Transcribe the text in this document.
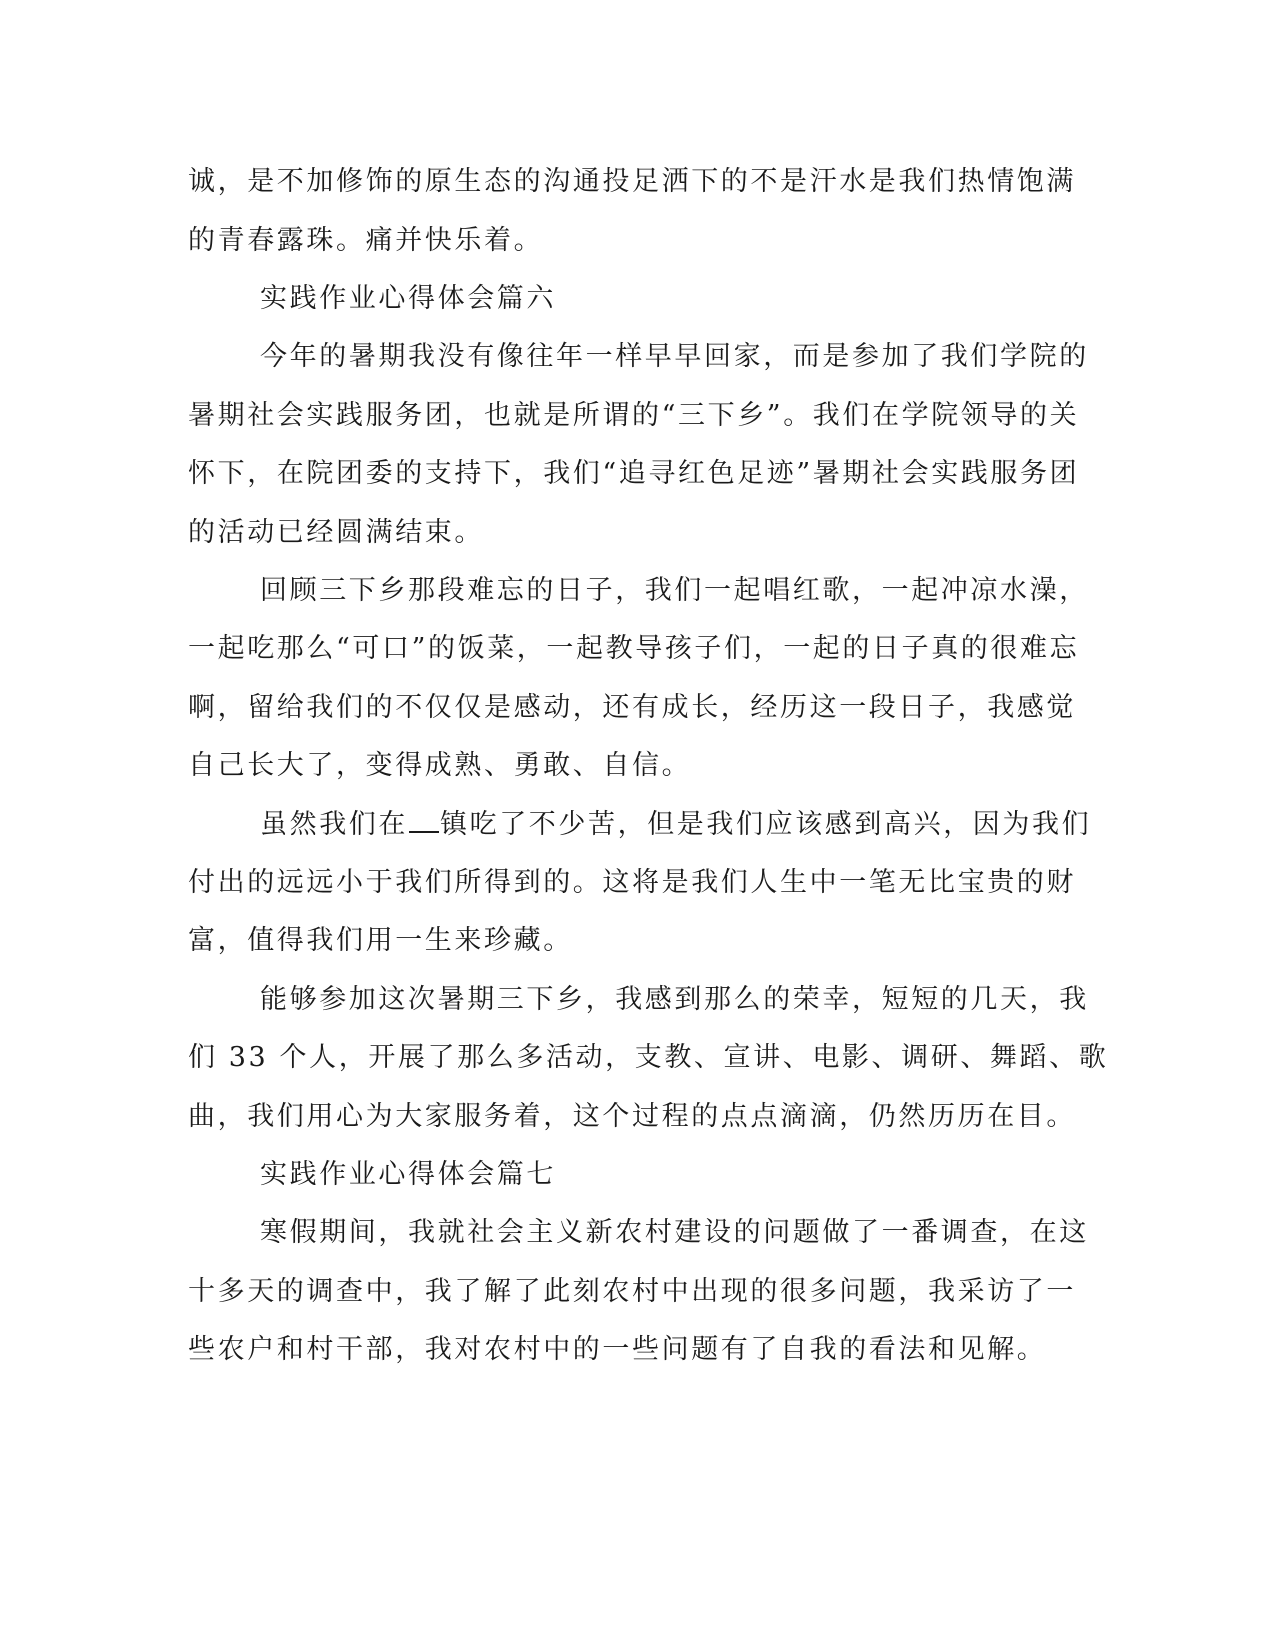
诚，是不加修饰的原生态的沟通投足洒下的不是汗水是我们热情饱满
的青春露珠。痛并快乐着。
实践作业心得体会篇六
今年的暑期我没有像往年一样早早回家，而是参加了我们学院的
暑期社会实践服务团，也就是所谓的“三下乡”。我们在学院领导的关
怀下，在院团委的支持下，我们“追寻红色足迹”暑期社会实践服务团
的活动已经圆满结束。
回顾三下乡那段难忘的日子，我们一起唱红歌，一起冲凉水澡，
一起吃那么“可口”的饭菜，一起教导孩子们，一起的日子真的很难忘
啊，留给我们的不仅仅是感动，还有成长，经历这一段日子，我感觉
自己长大了，变得成熟、勇敢、自信。
虽然我们在 镇吃了不少苦，但是我们应该感到高兴，因为我们
付出的远远小于我们所得到的。这将是我们人生中一笔无比宝贵的财
富，值得我们用一生来珍藏。
能够参加这次暑期三下乡，我感到那么的荣幸，短短的几天，我
们 33 个人，开展了那么多活动，支教、宣讲、电影、调研、舞蹈、歌
曲，我们用心为大家服务着，这个过程的点点滴滴，仍然历历在目。
实践作业心得体会篇七
寒假期间，我就社会主义新农村建设的问题做了一番调查，在这
十多天的调查中，我了解了此刻农村中出现的很多问题，我采访了一
些农户和村干部，我对农村中的一些问题有了自我的看法和见解。
